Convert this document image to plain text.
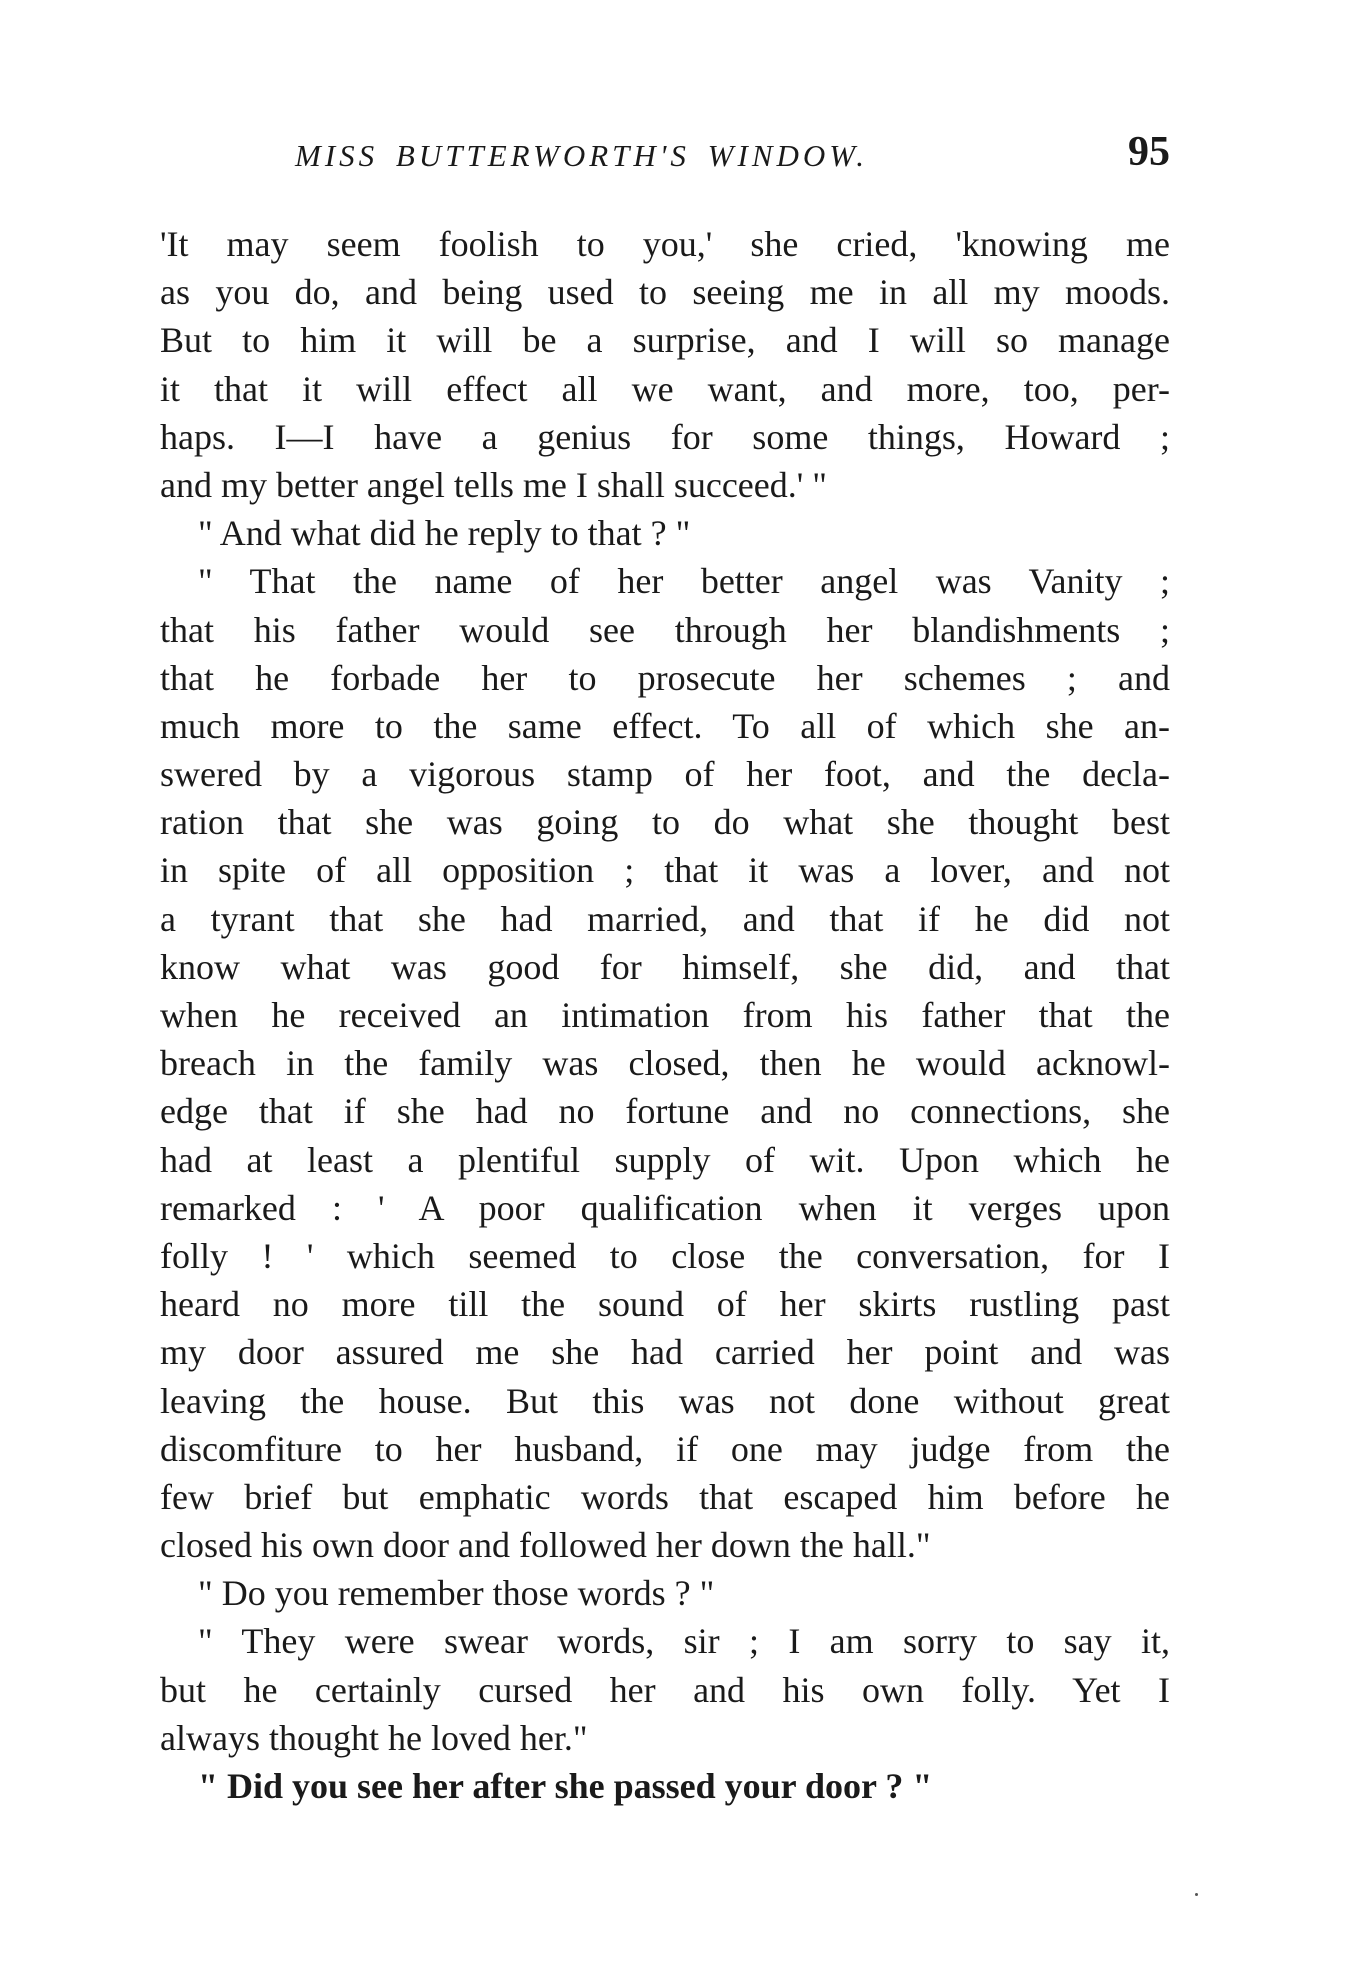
MISS BUTTERWORTH'S WINDOW.	95
'It may seem foolish to you,' she cried, 'knowing me
as you do, and being used to seeing me in all my moods.
But to him it will be a surprise, and I will so manage
it that it will effect all we want, and more, too, per-
haps. I—I have a genius for some things, Howard ;
and my better angel tells me I shall succeed.' "
" And what did he reply to that ? "
" That the name of her better angel was Vanity ;
that his father would see through her blandishments ;
that he forbade her to prosecute her schemes ; and
much more to the same effect. To all of which she an-
swered by a vigorous stamp of her foot, and the decla-
ration that she was going to do what she thought best
in spite of all opposition ; that it was a lover, and not
a tyrant that she had married, and that if he did not
know what was good for himself, she did, and that
when he received an intimation from his father that the
breach in the family was closed, then he would acknowl-
edge that if she had no fortune and no connections, she
had at least a plentiful supply of wit. Upon which he
remarked : ' A poor qualification when it verges upon
folly ! ' which seemed to close the conversation, for I
heard no more till the sound of her skirts rustling past
my door assured me she had carried her point and was
leaving the house. But this was not done without great
discomfiture to her husband, if one may judge from the
few brief but emphatic words that escaped him before he
closed his own door and followed her down the hall."
" Do you remember those words ? "
" They were swear words, sir ; I am sorry to say it,
but he certainly cursed her and his own folly. Yet I
always thought he loved her."
" Did you see her after she passed your door ? "
